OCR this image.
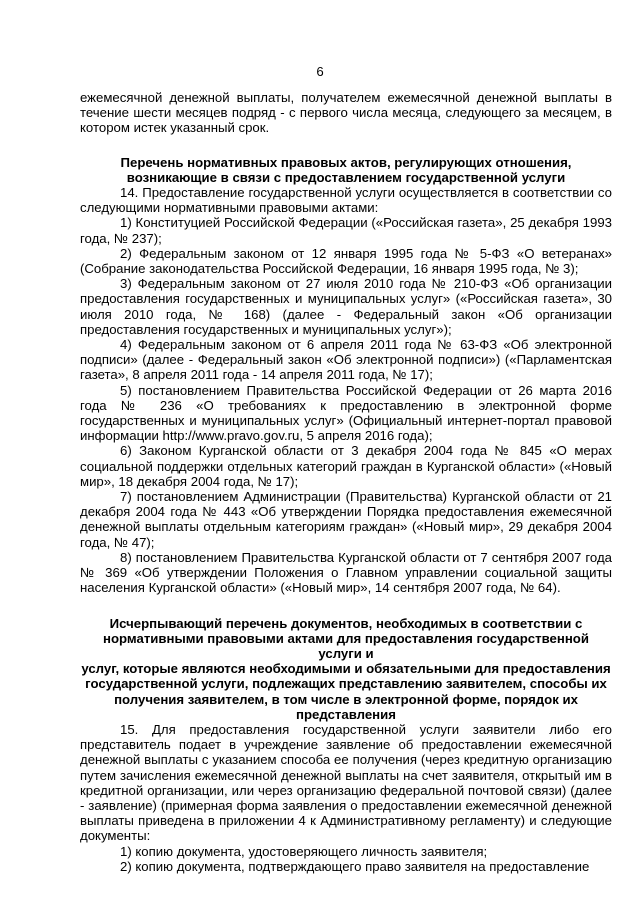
6

ежемесячной денежной выплаты, получателем ежемесячной денежной выплаты в течение шести месяцев подряд - с первого числа месяца, следующего за месяцем, в котором истек указанный срок.

Перечень нормативных правовых актов, регулирующих отношения,

возникающие в связи с предоставлением государственной услуги

14. Предоставление государственной услуги осуществляется в соответствии со следующими нормативными правовыми актами:

1) Конституцией Российской Федерации («Российская газета», 25 декабря 1993 года, № 237);

2) Федеральным законом от 12 января 1995 года № 5-ФЗ «О ветеранах» (Собрание законодательства Российской Федерации, 16 января 1995 года, № 3);

3) Федеральным законом от 27 июля 2010 года № 210-ФЗ «Об организации предоставления государственных и муниципальных услуг» («Российская газета», 30 июля 2010 года, № 168) (далее - Федеральный закон «Об организации предоставления государственных и муниципальных услуг»);

4) Федеральным законом от 6 апреля 2011 года № 63-ФЗ «Об электронной подписи» (далее - Федеральный закон «Об электронной подписи») («Парламентская газета», 8 апреля 2011 года - 14 апреля 2011 года, № 17);

5) постановлением Правительства Российской Федерации от 26 марта 2016 года № 236 «О требованиях к предоставлению в электронной форме государственных и муниципальных услуг» (Официальный интернет-портал правовой информации http://www.pravo.gov.ru, 5 апреля 2016 года);

6) Законом Курганской области от 3 декабря 2004 года № 845 «О мерах социальной поддержки отдельных категорий граждан в Курганской области» («Новый мир», 18 декабря 2004 года, № 17);

7) постановлением Администрации (Правительства) Курганской области от 21 декабря 2004 года № 443 «Об утверждении Порядка предоставления ежемесячной денежной выплаты отдельным категориям граждан» («Новый мир», 29 декабря 2004 года, № 47);

8) постановлением Правительства Курганской области от 7 сентября 2007 года № 369 «Об утверждении Положения о Главном управлении социальной защиты населения Курганской области» («Новый мир», 14 сентября 2007 года, № 64).

Исчерпывающий перечень документов, необходимых в соответствии с

нормативными правовыми актами для предоставления государственной услуги и

услуг, которые являются необходимыми и обязательными для предоставления

государственной услуги, подлежащих представлению заявителем, способы их

получения заявителем, в том числе в электронной форме, порядок их

представления

15. Для предоставления государственной услуги заявители либо его представитель подает в учреждение заявление об предоставлении ежемесячной денежной выплаты с указанием способа ее получения (через кредитную организацию путем зачисления ежемесячной денежной выплаты на счет заявителя, открытый им в кредитной организации, или через организацию федеральной почтовой связи) (далее - заявление) (примерная форма заявления о предоставлении ежемесячной денежной выплаты приведена в приложении 4 к Административному регламенту) и следующие документы:

1) копию документа, удостоверяющего личность заявителя;

2) копию документа, подтверждающего право заявителя на предоставление
